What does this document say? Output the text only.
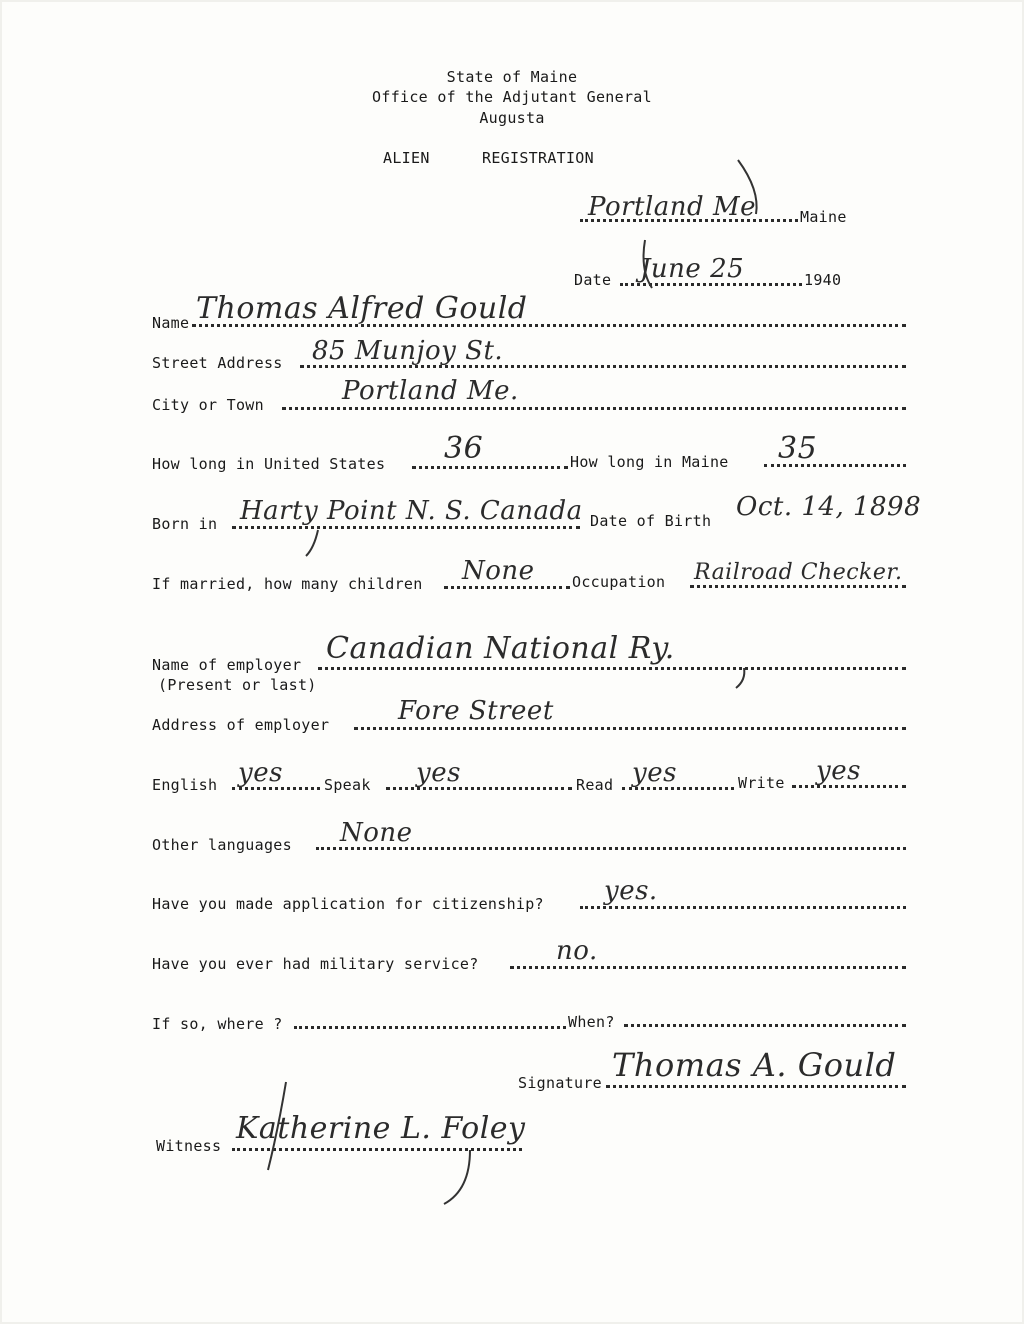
State of Maine
Office of the Adjutant General
Augusta
ALIEN	REGISTRATION
Portland Me	Maine
Date June 25	1940
Name Thomas Alfred Gould
Street Address 85 Munjoy St.
City or Town	Portland Me.
How long in United States 36	How long in Maine 35
Born in Harty Point N. S. Canada Date of Birth Oct. 14, 1898
If married, how many children None Occupation Railroad Checker.
Name of employer
(Present or last)
Canadian National Ry.
Address of employer	Fore Street
English yes	Speak yes	Read yes	Write yes
Other languages None
Have you made application for citizenship? yes.
Have you ever had military service?	no.
If so, where ?	When?
Signature Thomas A. Gould
Witness Katherine L. Foley
